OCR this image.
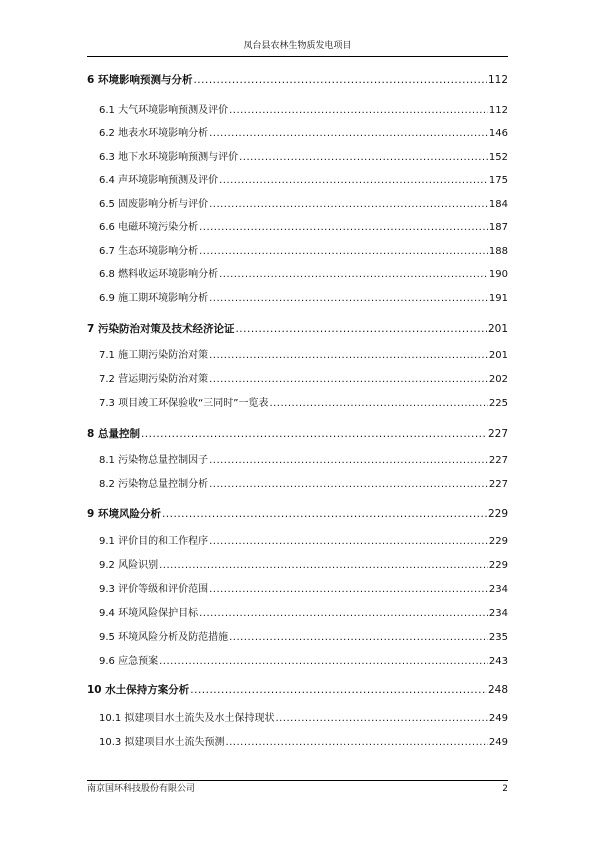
凤台县农林生物质发电项目
6 环境影响预测与分析 .....	112
6.1 大气环境影响预测及评价 .....	112
6.2 地表水环境影响分析 .....	146
6.3 地下水环境影响预测与评价 .....	152
6.4 声环境影响预测及评价 .....	175
6.5 固废影响分析与评价 .....	184
6.6 电磁环境污染分析 .....	187
6.7 生态环境影响分析 .....	188
6.8 燃料收运环境影响分析 .....	190
6.9 施工期环境影响分析 .....	191
7 污染防治对策及技术经济论证 .....	201
7.1 施工期污染防治对策 .....	201
7.2 营运期污染防治对策 .....	202
7.3 项目竣工环保验收“三同时”一览表 .....	225
8 总量控制 .....	227
8.1 污染物总量控制因子 .....	227
8.2 污染物总量控制分析 .....	227
9 环境风险分析 .....	229
9.1 评价目的和工作程序 .....	229
9.2 风险识别 .....	229
9.3 评价等级和评价范围 .....	234
9.4 环境风险保护目标 .....	234
9.5 环境风险分析及防范措施 .....	235
9.6 应急预案 .....	243
10 水土保持方案分析 .....	248
10.1 拟建项目水土流失及水土保持现状 .....	249
10.3 拟建项目水土流失预测 .....	249
南京国环科技股份有限公司	2
